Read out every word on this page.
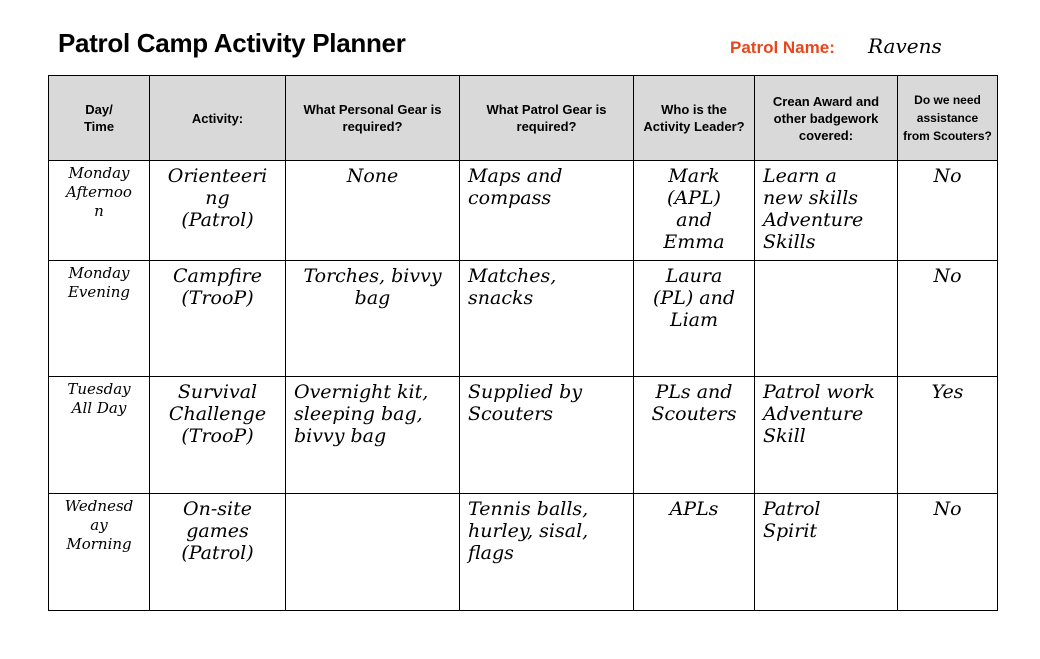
Patrol Camp Activity Planner	Patrol Name: Ravens
Day/
Time	Activity:	What Personal Gear is required?	What Patrol Gear is required?	Who is the Activity Leader?	Crean Award and other badgework covered:	Do we need assistance from Scouters?
Monday
Afternoo
n	Orienteeri
ng
(Patrol)	None	Maps and
compass	Mark
(APL)
and
Emma	Learn a
new skills
Adventure
Skills	No
Monday
Evening	Campfire
(TrooP)	Torches, bivvy
bag	Matches,
snacks	Laura
(PL) and
Liam		No
Tuesday
All Day	Survival
Challenge
(TrooP)	Overnight kit,
sleeping bag,
bivvy bag	Supplied by
Scouters	PLs and
Scouters	Patrol work
Adventure
Skill	Yes
Wednesd
ay
Morning	On-site
games
(Patrol)		Tennis balls,
hurley, sisal,
flags	APLs	Patrol
Spirit	No
